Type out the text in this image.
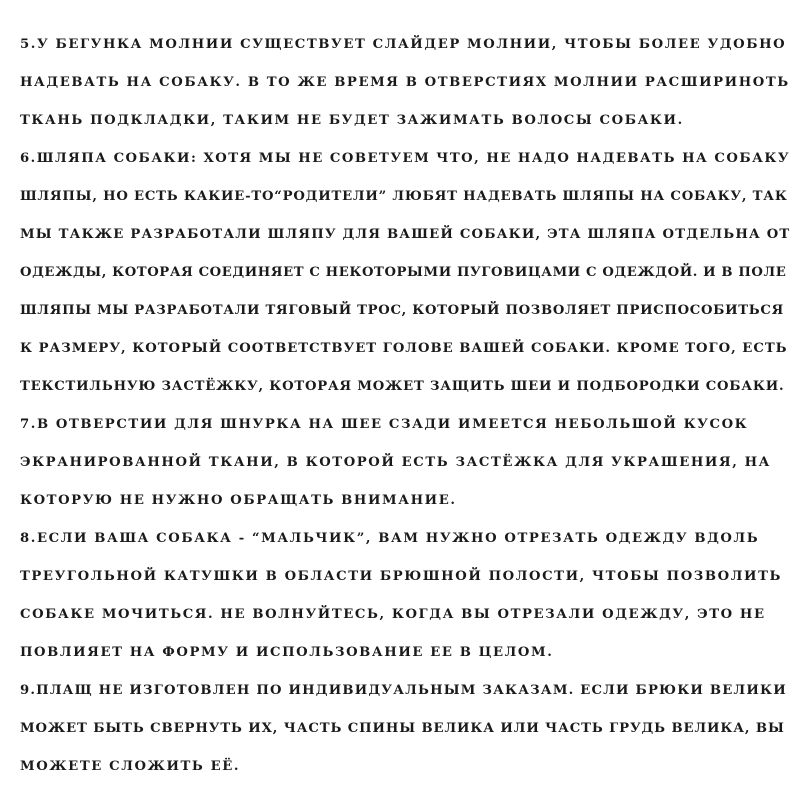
5.У БЕГУНКА МОЛНИИ СУЩЕСТВУЕТ СЛАЙДЕР МОЛНИИ, ЧТОБЫ БОЛЕЕ УДОБНО
НАДЕВАТЬ НА СОБАКУ. В ТО ЖЕ ВРЕМЯ В ОТВЕРСТИЯХ МОЛНИИ РАСШИРИНОТЬ
ТКАНЬ ПОДКЛАДКИ, ТАКИМ НЕ БУДЕТ ЗАЖИМАТЬ ВОЛОСЫ СОБАКИ.
6.ШЛЯПА СОБАКИ: ХОТЯ МЫ НЕ СОВЕТУЕМ ЧТО, НЕ НАДО НАДЕВАТЬ НА СОБАКУ
ШЛЯПЫ, НО ЕСТЬ КАКИЕ-ТО“РОДИТЕЛИ” ЛЮБЯТ НАДЕВАТЬ ШЛЯПЫ НА СОБАКУ, ТАК
МЫ ТАКЖЕ РАЗРАБОТАЛИ ШЛЯПУ ДЛЯ ВАШЕЙ СОБАКИ, ЭТА ШЛЯПА ОТДЕЛЬНА ОТ
ОДЕЖДЫ, КОТОРАЯ СОЕДИНЯЕТ С НЕКОТОРЫМИ ПУГОВИЦАМИ С ОДЕЖДОЙ. И В ПОЛЕ
ШЛЯПЫ МЫ РАЗРАБОТАЛИ ТЯГОВЫЙ ТРОС, КОТОРЫЙ ПОЗВОЛЯЕТ ПРИСПОСОБИТЬСЯ
К РАЗМЕРУ, КОТОРЫЙ СООТВЕТСТВУЕТ ГОЛОВЕ ВАШЕЙ СОБАКИ. КРОМЕ ТОГО, ЕСТЬ
ТЕКСТИЛЬНУЮ ЗАСТЁЖКУ, КОТОРАЯ МОЖЕТ ЗАЩИТЬ ШЕИ И ПОДБОРОДКИ СОБАКИ.
7.В ОТВЕРСТИИ ДЛЯ ШНУРКА НА ШЕЕ СЗАДИ ИМЕЕТСЯ НЕБОЛЬШОЙ КУСОК
ЭКРАНИРОВАННОЙ ТКАНИ, В КОТОРОЙ ЕСТЬ ЗАСТЁЖКА ДЛЯ УКРАШЕНИЯ, НА
КОТОРУЮ НЕ НУЖНО ОБРАЩАТЬ ВНИМАНИЕ.
8.ЕСЛИ ВАША СОБАКА - “МАЛЬЧИК”, ВАМ НУЖНО ОТРЕЗАТЬ ОДЕЖДУ ВДОЛЬ
ТРЕУГОЛЬНОЙ КАТУШКИ В ОБЛАСТИ БРЮШНОЙ ПОЛОСТИ, ЧТОБЫ ПОЗВОЛИТЬ
СОБАКЕ МОЧИТЬСЯ. НЕ ВОЛНУЙТЕСЬ, КОГДА ВЫ ОТРЕЗАЛИ ОДЕЖДУ, ЭТО НЕ
ПОВЛИЯЕТ НА ФОРМУ И ИСПОЛЬЗОВАНИЕ ЕЕ В ЦЕЛОМ.
9.ПЛАЩ НЕ ИЗГОТОВЛЕН ПО ИНДИВИДУАЛЬНЫМ ЗАКАЗАМ. ЕСЛИ БРЮКИ ВЕЛИКИ
МОЖЕТ БЫТЬ СВЕРНУТЬ ИХ, ЧАСТЬ СПИНЫ ВЕЛИКА ИЛИ ЧАСТЬ ГРУДЬ ВЕЛИКА, ВЫ
МОЖЕТЕ СЛОЖИТЬ ЕЁ.
